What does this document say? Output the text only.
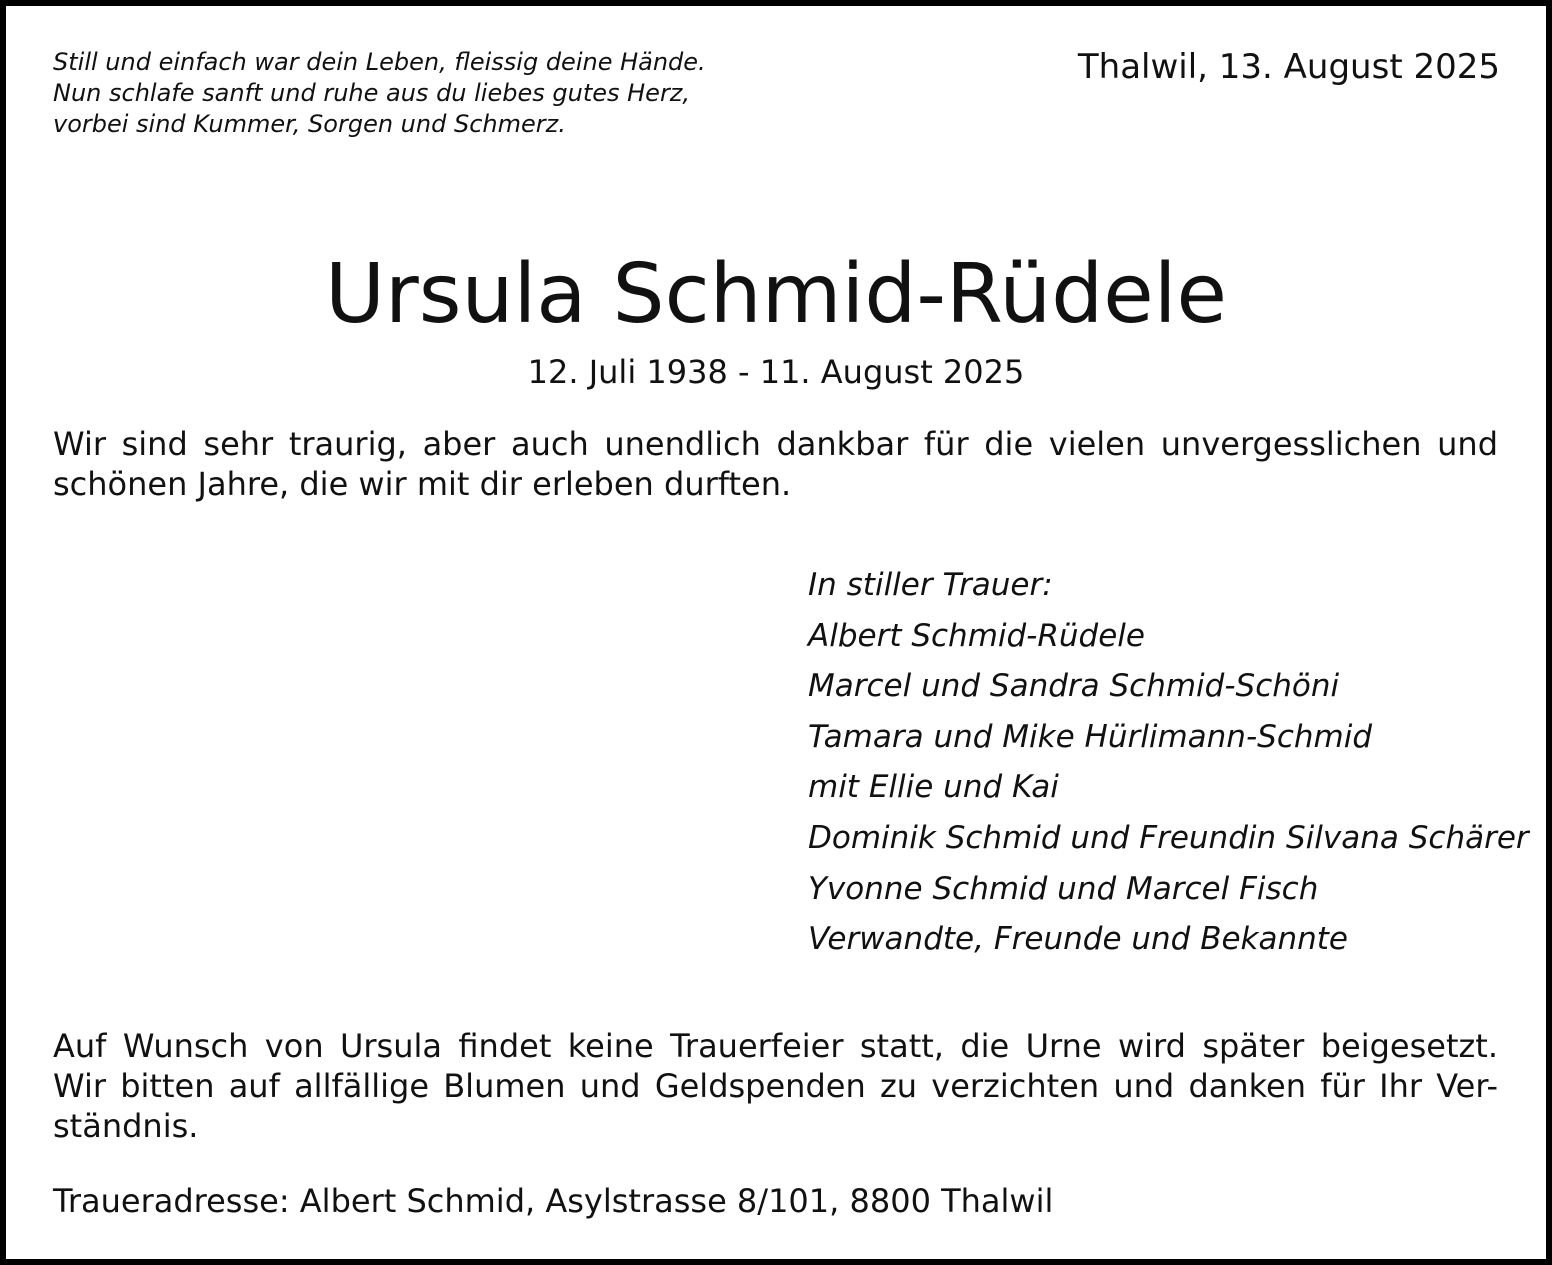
Still und einfach war dein Leben, fleissig deine Hände.
Nun schlafe sanft und ruhe aus du liebes gutes Herz,
vorbei sind Kummer, Sorgen und Schmerz.
Thalwil, 13. August 2025
Ursula Schmid-Rüdele
12. Juli 1938 - 11. August 2025
Wir sind sehr traurig, aber auch unendlich dankbar für die vielen unvergesslichen und
schönen Jahre, die wir mit dir erleben durften.
In stiller Trauer:
Albert Schmid-Rüdele
Marcel und Sandra Schmid-Schöni
Tamara und Mike Hürlimann-Schmid
mit Ellie und Kai
Dominik Schmid und Freundin Silvana Schärer
Yvonne Schmid und Marcel Fisch
Verwandte, Freunde und Bekannte
Auf Wunsch von Ursula findet keine Trauerfeier statt, die Urne wird später beigesetzt.
Wir bitten auf allfällige Blumen und Geldspenden zu verzichten und danken für Ihr Ver-
ständnis.
Traueradresse: Albert Schmid, Asylstrasse 8/101, 8800 Thalwil
